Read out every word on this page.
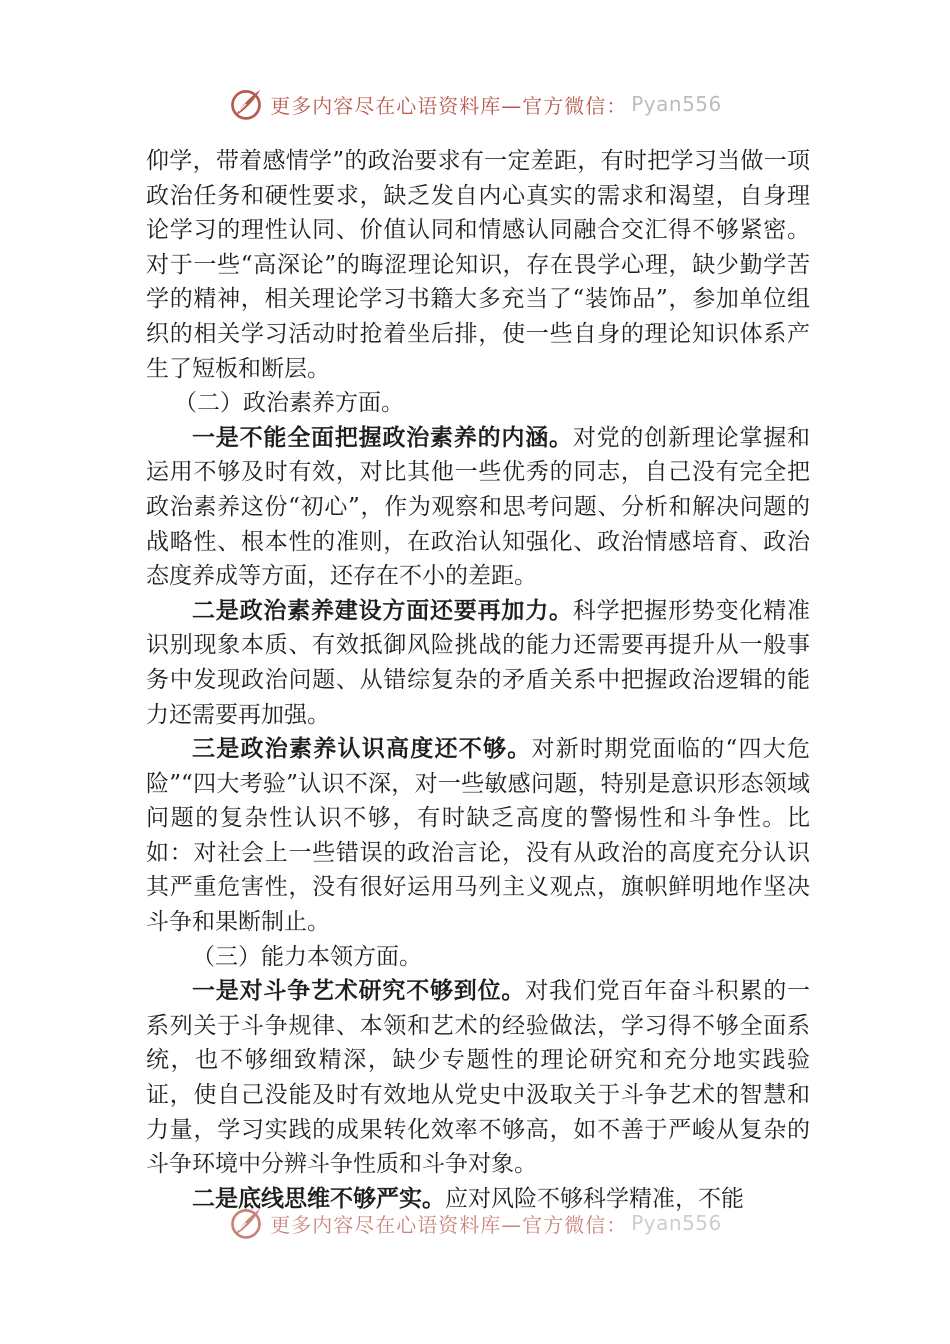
更多内容尽在心语资料库—官方微信： Pyan556

仰学，带着感情学”的政治要求有一定差距，有时把学习当做一项政治任务和硬性要求，缺乏发自内心真实的需求和渴望，自身理论学习的理性认同、价值认同和情感认同融合交汇得不够紧密。对于一些“高深论”的晦涩理论知识，存在畏学心理，缺少勤学苦学的精神，相关理论学习书籍大多充当了“装饰品”，参加单位组织的相关学习活动时抢着坐后排，使一些自身的理论知识体系产生了短板和断层。

（二）政治素养方面。

一是不能全面把握政治素养的内涵。对党的创新理论掌握和运用不够及时有效，对比其他一些优秀的同志，自己没有完全把政治素养这份“初心”，作为观察和思考问题、分析和解决问题的战略性、根本性的准则，在政治认知强化、政治情感培育、政治态度养成等方面，还存在不小的差距。

二是政治素养建设方面还要再加力。科学把握形势变化精准识别现象本质、有效抵御风险挑战的能力还需要再提升从一般事务中发现政治问题、从错综复杂的矛盾关系中把握政治逻辑的能力还需要再加强。

三是政治素养认识高度还不够。对新时期党面临的“四大危险”“四大考验”认识不深，对一些敏感问题，特别是意识形态领域问题的复杂性认识不够，有时缺乏高度的警惕性和斗争性。比如：对社会上一些错误的政治言论，没有从政治的高度充分认识其严重危害性，没有很好运用马列主义观点，旗帜鲜明地作坚决斗争和果断制止。

（三）能力本领方面。

一是对斗争艺术研究不够到位。对我们党百年奋斗积累的一系列关于斗争规律、本领和艺术的经验做法，学习得不够全面系统，也不够细致精深，缺少专题性的理论研究和充分地实践验证，使自己没能及时有效地从党史中汲取关于斗争艺术的智慧和力量，学习实践的成果转化效率不够高，如不善于严峻从复杂的斗争环境中分辨斗争性质和斗争对象。

二是底线思维不够严实。应对风险不够科学精准，不能

更多内容尽在心语资料库—官方微信： Pyan556
